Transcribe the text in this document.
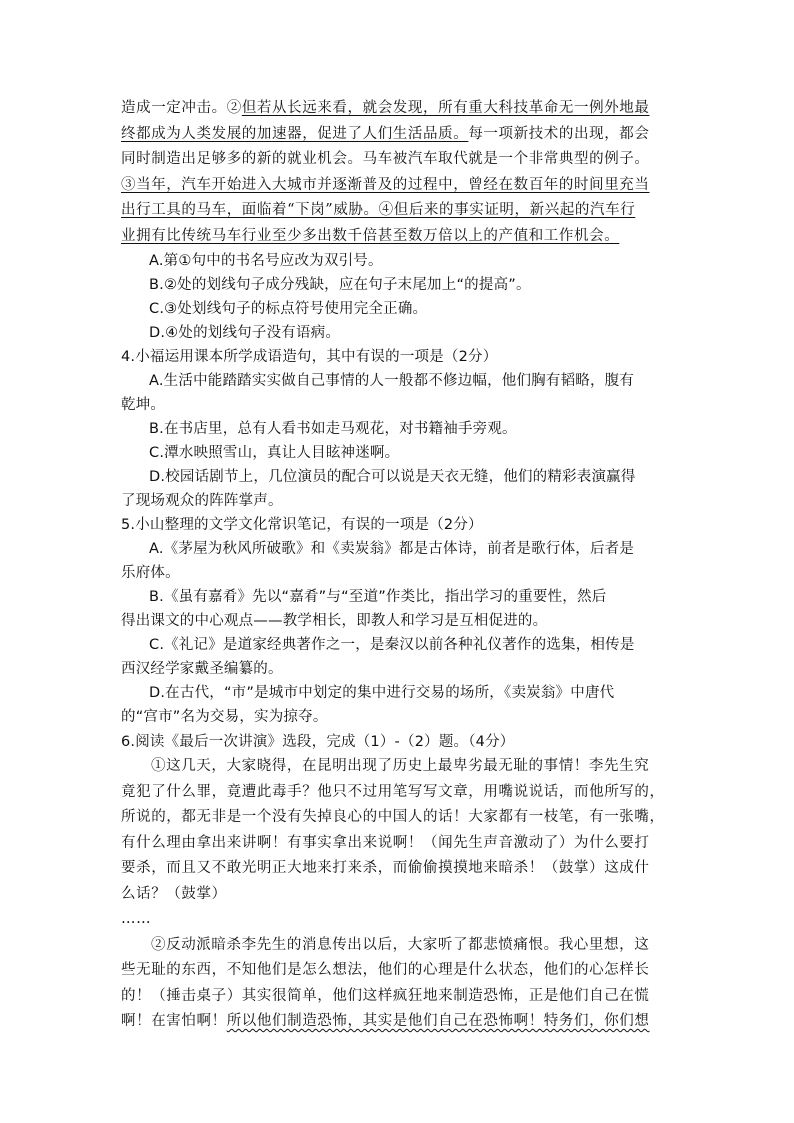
造成一定冲击。②但若从长远来看，就会发现，所有重大科技革命无一例外地最
终都成为人类发展的加速器，促进了人们生活品质。每一项新技术的出现，都会
同时制造出足够多的新的就业机会。马车被汽车取代就是一个非常典型的例子。
③当年，汽车开始进入大城市并逐渐普及的过程中，曾经在数百年的时间里充当
出行工具的马车，面临着“下岗”威胁。④但后来的事实证明，新兴起的汽车行
业拥有比传统马车行业至少多出数千倍甚至数万倍以上的产值和工作机会。
A.第①句中的书名号应改为双引号。
B.②处的划线句子成分残缺，应在句子末尾加上“的提高”。
C.③处划线句子的标点符号使用完全正确。
D.④处的划线句子没有语病。
4.小福运用课本所学成语造句，其中有误的一项是（2分）
A.生活中能踏踏实实做自己事情的人一般都不修边幅，他们胸有韬略，腹有
乾坤。
B.在书店里，总有人看书如走马观花，对书籍袖手旁观。
C.潭水映照雪山，真让人目眩神迷啊。
D.校园话剧节上，几位演员的配合可以说是天衣无缝，他们的精彩表演赢得
了现场观众的阵阵掌声。
5.小山整理的文学文化常识笔记，有误的一项是（2分）
A.《茅屋为秋风所破歌》和《卖炭翁》都是古体诗，前者是歌行体，后者是
乐府体。
B.《虽有嘉肴》先以“嘉肴”与“至道”作类比，指出学习的重要性，然后
得出课文的中心观点——教学相长，即教人和学习是互相促进的。
C.《礼记》是道家经典著作之一，是秦汉以前各种礼仪著作的选集，相传是
西汉经学家戴圣编纂的。
D.在古代，“市”是城市中划定的集中进行交易的场所，《卖炭翁》中唐代
的“宫市”名为交易，实为掠夺。
6.阅读《最后一次讲演》选段，完成（1）-（2）题。（4分）
①这几天，大家晓得，在昆明出现了历史上最卑劣最无耻的事情！李先生究
竟犯了什么罪，竟遭此毒手？他只不过用笔写写文章，用嘴说说话，而他所写的，
所说的，都无非是一个没有失掉良心的中国人的话！大家都有一枝笔，有一张嘴，
有什么理由拿出来讲啊！有事实拿出来说啊！（闻先生声音激动了）为什么要打
要杀，而且又不敢光明正大地来打来杀，而偷偷摸摸地来暗杀！（鼓掌）这成什
么话？（鼓掌）
……
②反动派暗杀李先生的消息传出以后，大家听了都悲愤痛恨。我心里想，这
些无耻的东西，不知他们是怎么想法，他们的心理是什么状态，他们的心怎样长
的！（捶击桌子）其实很简单，他们这样疯狂地来制造恐怖，正是他们自己在慌
啊！在害怕啊！所以他们制造恐怖，其实是他们自己在恐怖啊！特务们，你们想
